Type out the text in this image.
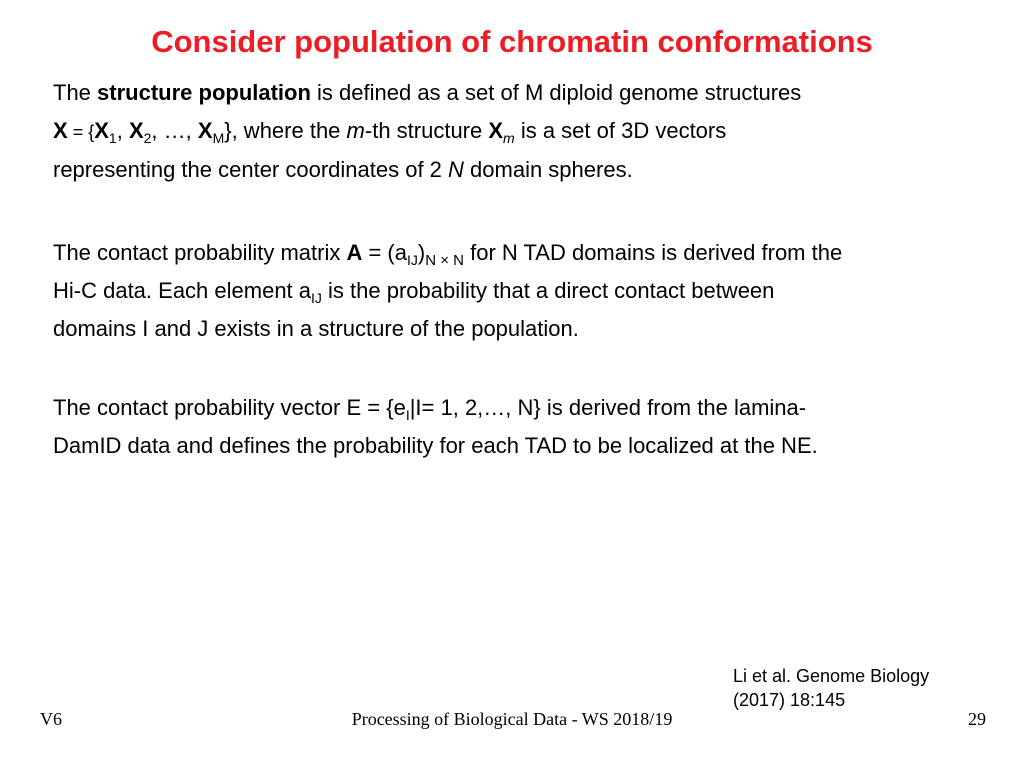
Consider population of chromatin conformations
The structure population is defined as a set of M diploid genome structures
$X = \{X_1$, $X_2$, …, $X_M$}, where the m-th structure $X_m$ is a set of 3D vectors
representing the center coordinates of 2 N domain spheres.
The contact probability matrix $A = (a_{IJ})_{N \times N}$ for N TAD domains is derived from the
Hi-C data. Each element $a_{IJ}$ is the probability that a direct contact between
domains I and J exists in a structure of the population.
The contact probability vector $E = \{e_I|I= 1$, 2,…, N} is derived from the lamina-
DamID data and defines the probability for each TAD to be localized at the NE.
Li et al. Genome Biology
(2017) 18:145
V6	Processing of Biological Data - WS 2018/19	29
